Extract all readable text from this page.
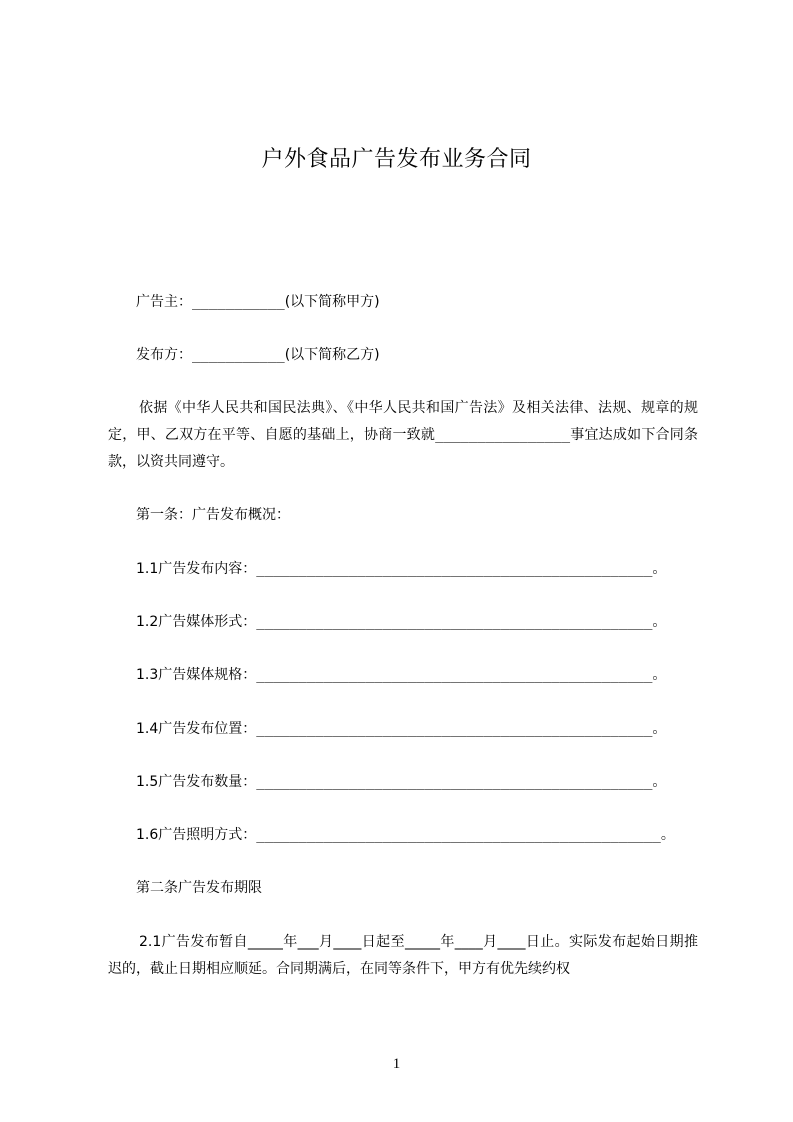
户外食品广告发布业务合同
广告主：___________(以下简称甲方)
发布方：___________(以下简称乙方)
依据《中华人民共和国民法典》、《中华人民共和国广告法》及相关法律、法规、规章的规定，甲、乙双方在平等、自愿的基础上，协商一致就________________事宜达成如下合同条款，以资共同遵守。
第一条：广告发布概况：
1.1广告发布内容：_______________________________________________。
1.2广告媒体形式：_______________________________________________。
1.3广告媒体规格：_______________________________________________。
1.4广告发布位置：_______________________________________________。
1.5广告发布数量：_______________________________________________。
1.6广告照明方式：________________________________________________。
第二条广告发布期限
2.1广告发布暂自_____年___月____日起至_____年____月____日止。实际发布起始日期推迟的，截止日期相应顺延。合同期满后，在同等条件下，甲方有优先续约权
1
